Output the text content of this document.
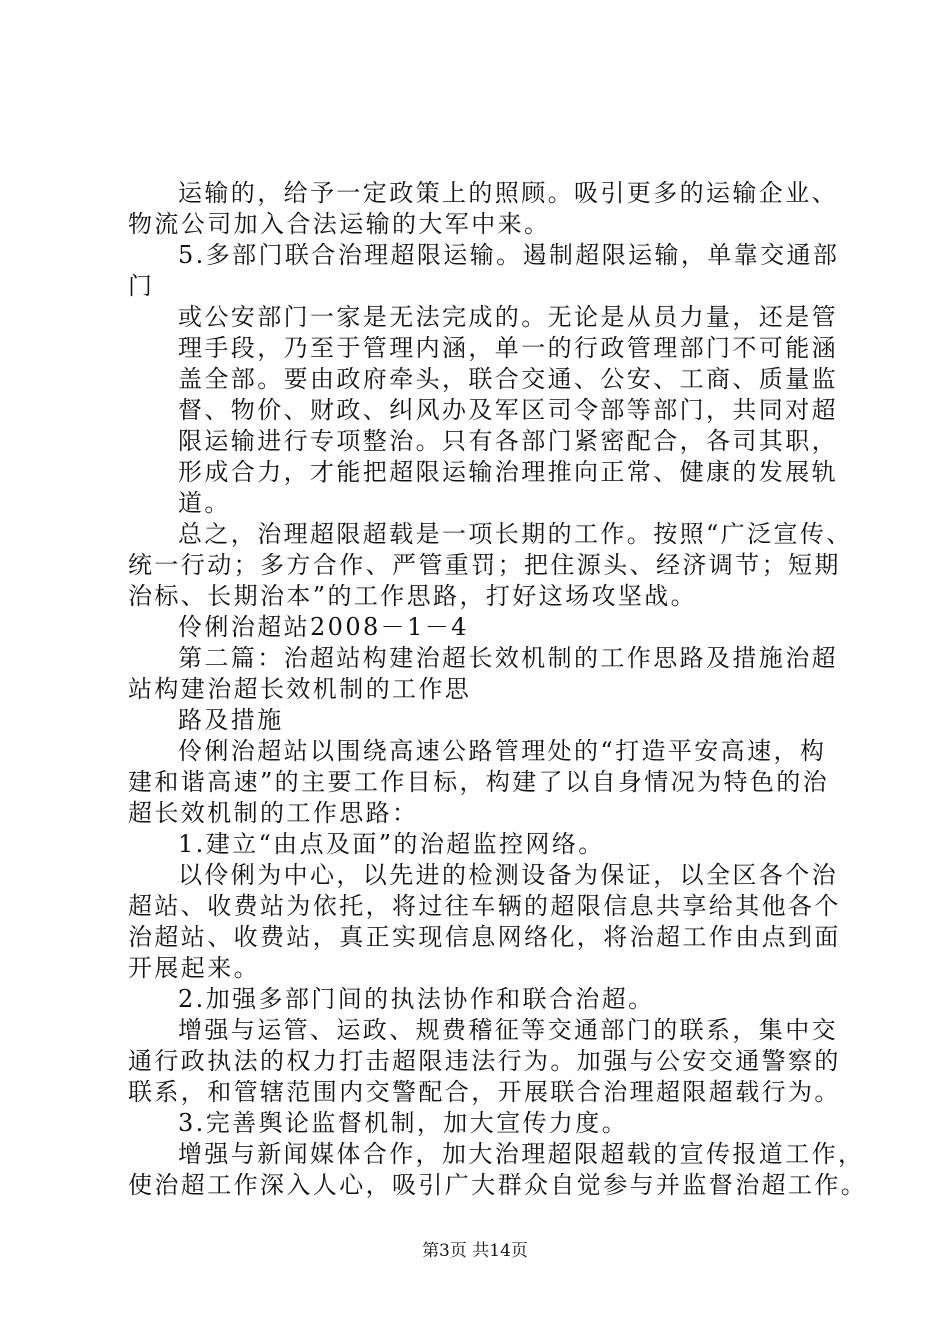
运输的，给予一定政策上的照顾。吸引更多的运输企业、
物流公司加入合法运输的大军中来。
5.多部门联合治理超限运输。遏制超限运输，单靠交通部
门
或公安部门一家是无法完成的。无论是从员力量，还是管
理手段，乃至于管理内涵，单一的行政管理部门不可能涵
盖全部。要由政府牵头，联合交通、公安、工商、质量监
督、物价、财政、纠风办及军区司令部等部门，共同对超
限运输进行专项整治。只有各部门紧密配合，各司其职，
形成合力，才能把超限运输治理推向正常、健康的发展轨
道。
总之，治理超限超载是一项长期的工作。按照“广泛宣传、
统一行动；多方合作、严管重罚；把住源头、经济调节；短期
治标、长期治本”的工作思路，打好这场攻坚战。
伶俐治超站2008－1－4
第二篇：治超站构建治超长效机制的工作思路及措施治超
站构建治超长效机制的工作思
路及措施
伶俐治超站以围绕高速公路管理处的“打造平安高速，构
建和谐高速”的主要工作目标，构建了以自身情况为特色的治
超长效机制的工作思路：
1.建立“由点及面”的治超监控网络。
以伶俐为中心，以先进的检测设备为保证，以全区各个治
超站、收费站为依托，将过往车辆的超限信息共享给其他各个
治超站、收费站，真正实现信息网络化，将治超工作由点到面
开展起来。
2.加强多部门间的执法协作和联合治超。
增强与运管、运政、规费稽征等交通部门的联系，集中交
通行政执法的权力打击超限违法行为。加强与公安交通警察的
联系，和管辖范围内交警配合，开展联合治理超限超载行为。
3.完善舆论监督机制，加大宣传力度。
增强与新闻媒体合作，加大治理超限超载的宣传报道工作，
使治超工作深入人心，吸引广大群众自觉参与并监督治超工作。
第3页 共14页
